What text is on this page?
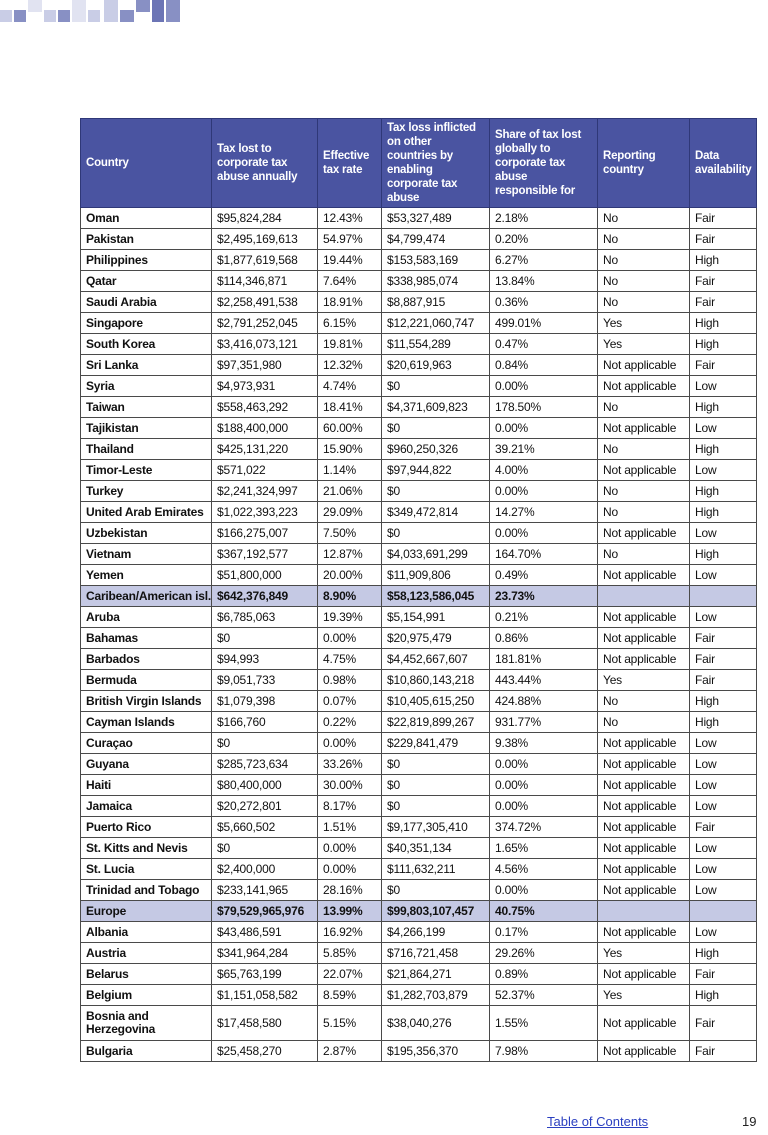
Country	Tax lost to corporate tax abuse annually	Effective tax rate	Tax loss inflicted on other countries by enabling corporate tax abuse	Share of tax lost globally to corporate tax abuse responsible for	Reporting country	Data availability
Oman	$95,824,284	12.43%	$53,327,489	2.18%	No	Fair
Pakistan	$2,495,169,613	54.97%	$4,799,474	0.20%	No	Fair
Philippines	$1,877,619,568	19.44%	$153,583,169	6.27%	No	High
Qatar	$114,346,871	7.64%	$338,985,074	13.84%	No	Fair
Saudi Arabia	$2,258,491,538	18.91%	$8,887,915	0.36%	No	Fair
Singapore	$2,791,252,045	6.15%	$12,221,060,747	499.01%	Yes	High
South Korea	$3,416,073,121	19.81%	$11,554,289	0.47%	Yes	High
Sri Lanka	$97,351,980	12.32%	$20,619,963	0.84%	Not applicable	Fair
Syria	$4,973,931	4.74%	$0	0.00%	Not applicable	Low
Taiwan	$558,463,292	18.41%	$4,371,609,823	178.50%	No	High
Tajikistan	$188,400,000	60.00%	$0	0.00%	Not applicable	Low
Thailand	$425,131,220	15.90%	$960,250,326	39.21%	No	High
Timor-Leste	$571,022	1.14%	$97,944,822	4.00%	Not applicable	Low
Turkey	$2,241,324,997	21.06%	$0	0.00%	No	High
United Arab Emirates	$1,022,393,223	29.09%	$349,472,814	14.27%	No	High
Uzbekistan	$166,275,007	7.50%	$0	0.00%	Not applicable	Low
Vietnam	$367,192,577	12.87%	$4,033,691,299	164.70%	No	High
Yemen	$51,800,000	20.00%	$11,909,806	0.49%	Not applicable	Low
Caribean/American isl.	$642,376,849	8.90%	$58,123,586,045	23.73%		
Aruba	$6,785,063	19.39%	$5,154,991	0.21%	Not applicable	Low
Bahamas	$0	0.00%	$20,975,479	0.86%	Not applicable	Fair
Barbados	$94,993	4.75%	$4,452,667,607	181.81%	Not applicable	Fair
Bermuda	$9,051,733	0.98%	$10,860,143,218	443.44%	Yes	Fair
British Virgin Islands	$1,079,398	0.07%	$10,405,615,250	424.88%	No	High
Cayman Islands	$166,760	0.22%	$22,819,899,267	931.77%	No	High
Curaçao	$0	0.00%	$229,841,479	9.38%	Not applicable	Low
Guyana	$285,723,634	33.26%	$0	0.00%	Not applicable	Low
Haiti	$80,400,000	30.00%	$0	0.00%	Not applicable	Low
Jamaica	$20,272,801	8.17%	$0	0.00%	Not applicable	Low
Puerto Rico	$5,660,502	1.51%	$9,177,305,410	374.72%	Not applicable	Fair
St. Kitts and Nevis	$0	0.00%	$40,351,134	1.65%	Not applicable	Low
St. Lucia	$2,400,000	0.00%	$111,632,211	4.56%	Not applicable	Low
Trinidad and Tobago	$233,141,965	28.16%	$0	0.00%	Not applicable	Low
Europe	$79,529,965,976	13.99%	$99,803,107,457	40.75%		
Albania	$43,486,591	16.92%	$4,266,199	0.17%	Not applicable	Low
Austria	$341,964,284	5.85%	$716,721,458	29.26%	Yes	High
Belarus	$65,763,199	22.07%	$21,864,271	0.89%	Not applicable	Fair
Belgium	$1,151,058,582	8.59%	$1,282,703,879	52.37%	Yes	High
Bosnia and Herzegovina	$17,458,580	5.15%	$38,040,276	1.55%	Not applicable	Fair
Bulgaria	$25,458,270	2.87%	$195,356,370	7.98%	Not applicable	Fair
Table of Contents	19
